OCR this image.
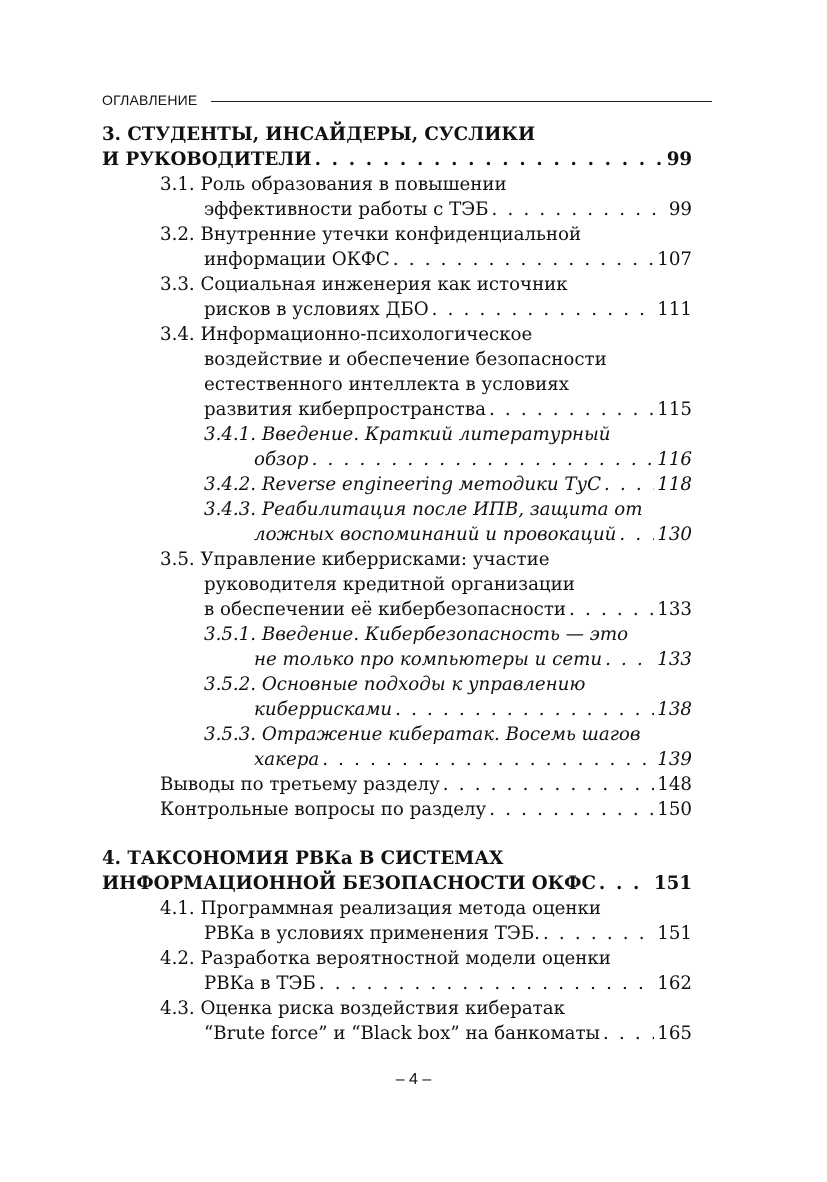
ОГЛАВЛЕНИЕ
3. СТУДЕНТЫ, ИНСАЙДЕРЫ, СУСЛИКИ
И РУКОВОДИТЕЛИ . . .	99
3.1. Роль образования в повышении
эффективности работы с ТЭБ . . .	99
3.2. Внутренние утечки конфиденциальной
информации ОКФС . . .	107
3.3. Социальная инженерия как источник
рисков в условиях ДБО . . .	111
3.4. Информационно-психологическое
воздействие и обеспечение безопасности
естественного интеллекта в условиях
развития киберпространства . . .	115
3.4.1. Введение. Краткий литературный
обзор . . .	116
3.4.2. Reverse engineering методики ТуС . . .	118
3.4.3. Реабилитация после ИПВ, защита от
ложных воспоминаний и провокаций . . . 130
3.5. Управление киберрисками: участие
руководителя кредитной организации
в обеспечении её кибербезопасности . . .	133
3.5.1. Введение. Кибербезопасность — это
не только про компьютеры и сети . . .	133
3.5.2. Основные подходы к управлению
киберрисками . . .	138
3.5.3. Отражение кибератак. Восемь шагов
хакера . . .	139
Выводы по третьему разделу . . .	148
Контрольные вопросы по разделу . . .	150
4. ТАКСОНОМИЯ РВКа В СИСТЕМАХ
ИНФОРМАЦИОННОЙ БЕЗОПАСНОСТИ ОКФС . . .	151
4.1. Программная реализация метода оценки
РВКа в условиях применения ТЭБ. . . .	151
4.2. Разработка вероятностной модели оценки
РВКа в ТЭБ . . .	162
4.3. Оценка риска воздействия кибератак
“Brute force” и “Black box” на банкоматы . . .	165
– 4 –
